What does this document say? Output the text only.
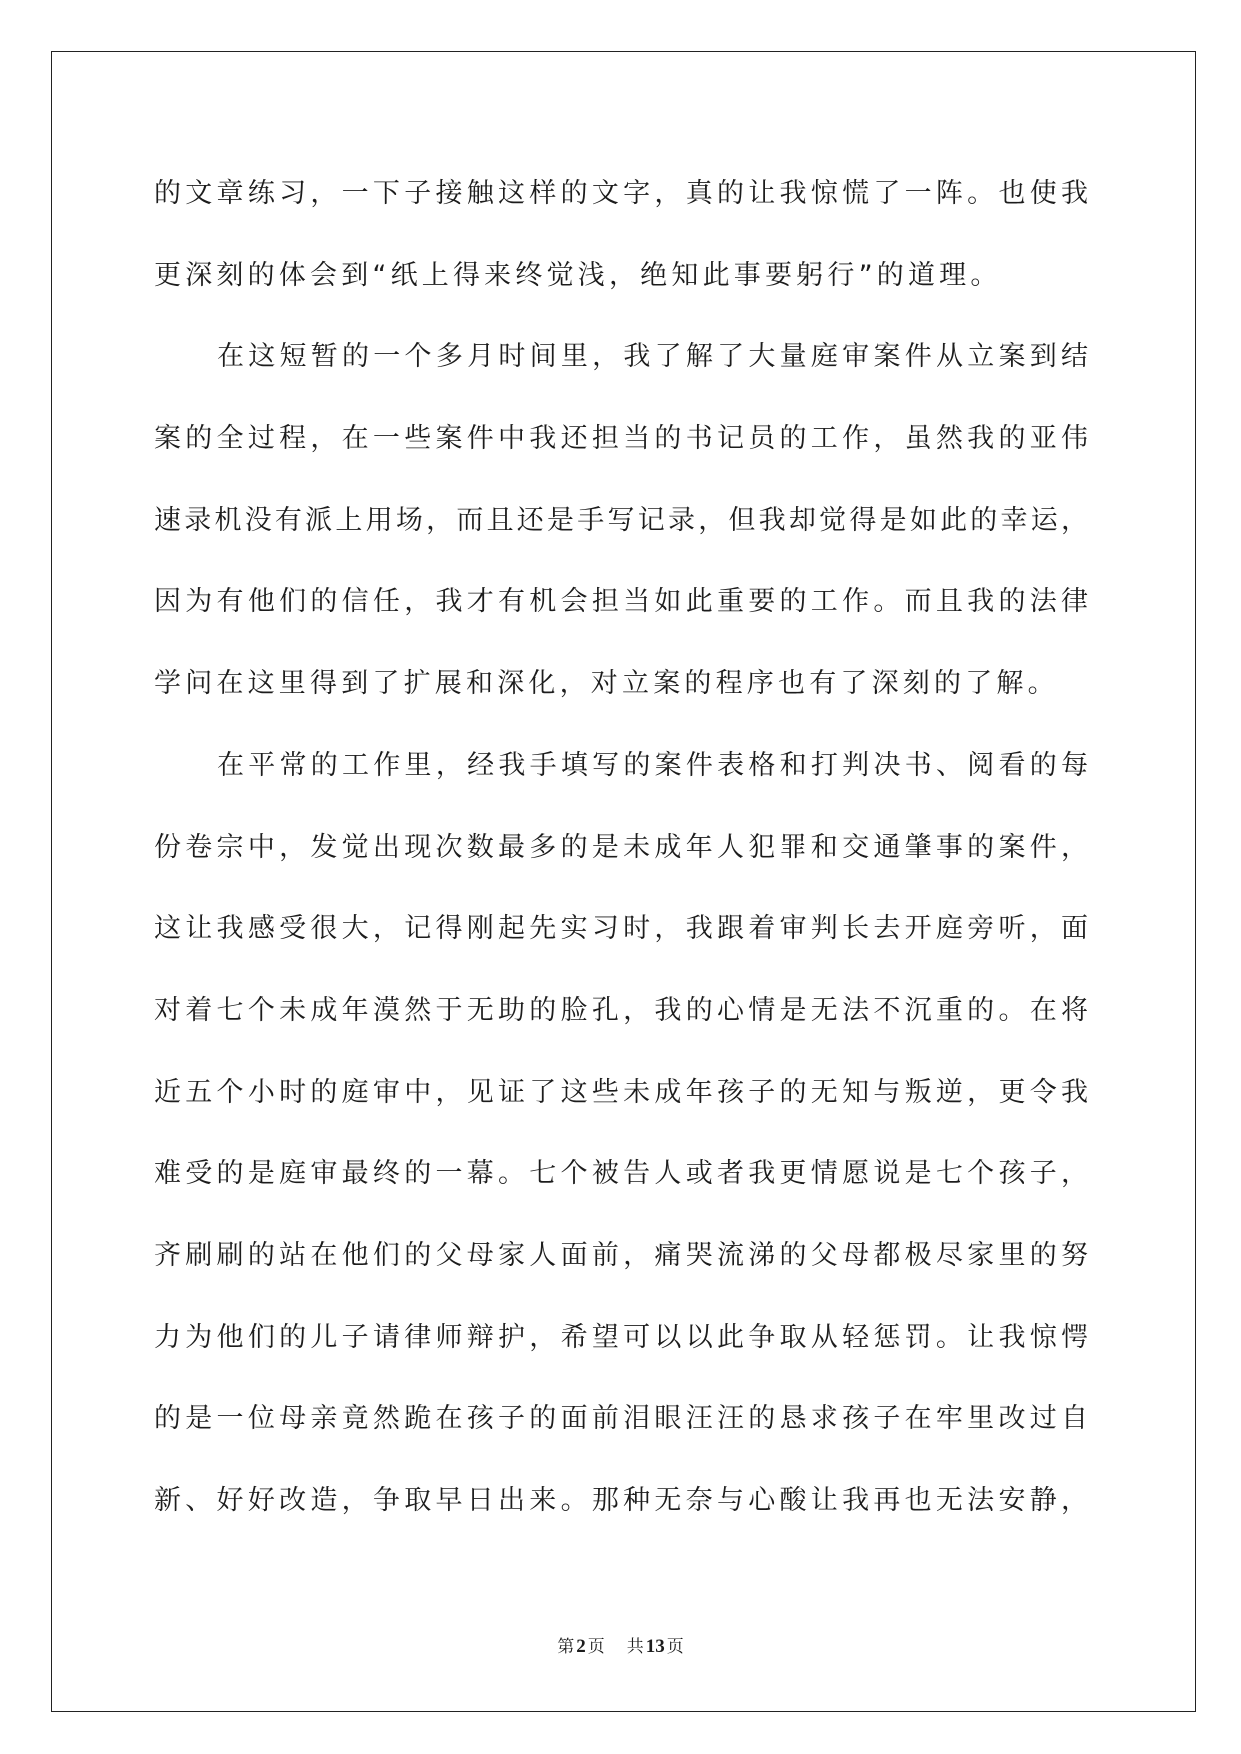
的文章练习，一下子接触这样的文字，真的让我惊慌了一阵。也使我
更深刻的体会到“纸上得来终觉浅，绝知此事要躬行”的道理。
在这短暂的一个多月时间里，我了解了大量庭审案件从立案到结
案的全过程，在一些案件中我还担当的书记员的工作，虽然我的亚伟
速录机没有派上用场，而且还是手写记录，但我却觉得是如此的幸运，
因为有他们的信任，我才有机会担当如此重要的工作。而且我的法律
学问在这里得到了扩展和深化，对立案的程序也有了深刻的了解。
在平常的工作里，经我手填写的案件表格和打判决书、阅看的每
份卷宗中，发觉出现次数最多的是未成年人犯罪和交通肇事的案件，
这让我感受很大，记得刚起先实习时，我跟着审判长去开庭旁听，面
对着七个未成年漠然于无助的脸孔，我的心情是无法不沉重的。在将
近五个小时的庭审中，见证了这些未成年孩子的无知与叛逆，更令我
难受的是庭审最终的一幕。七个被告人或者我更情愿说是七个孩子，
齐刷刷的站在他们的父母家人面前，痛哭流涕的父母都极尽家里的努
力为他们的儿子请律师辩护，希望可以以此争取从轻惩罚。让我惊愕
的是一位母亲竟然跪在孩子的面前泪眼汪汪的恳求孩子在牢里改过自
新、好好改造，争取早日出来。那种无奈与心酸让我再也无法安静，
第 2 页 共 13 页
